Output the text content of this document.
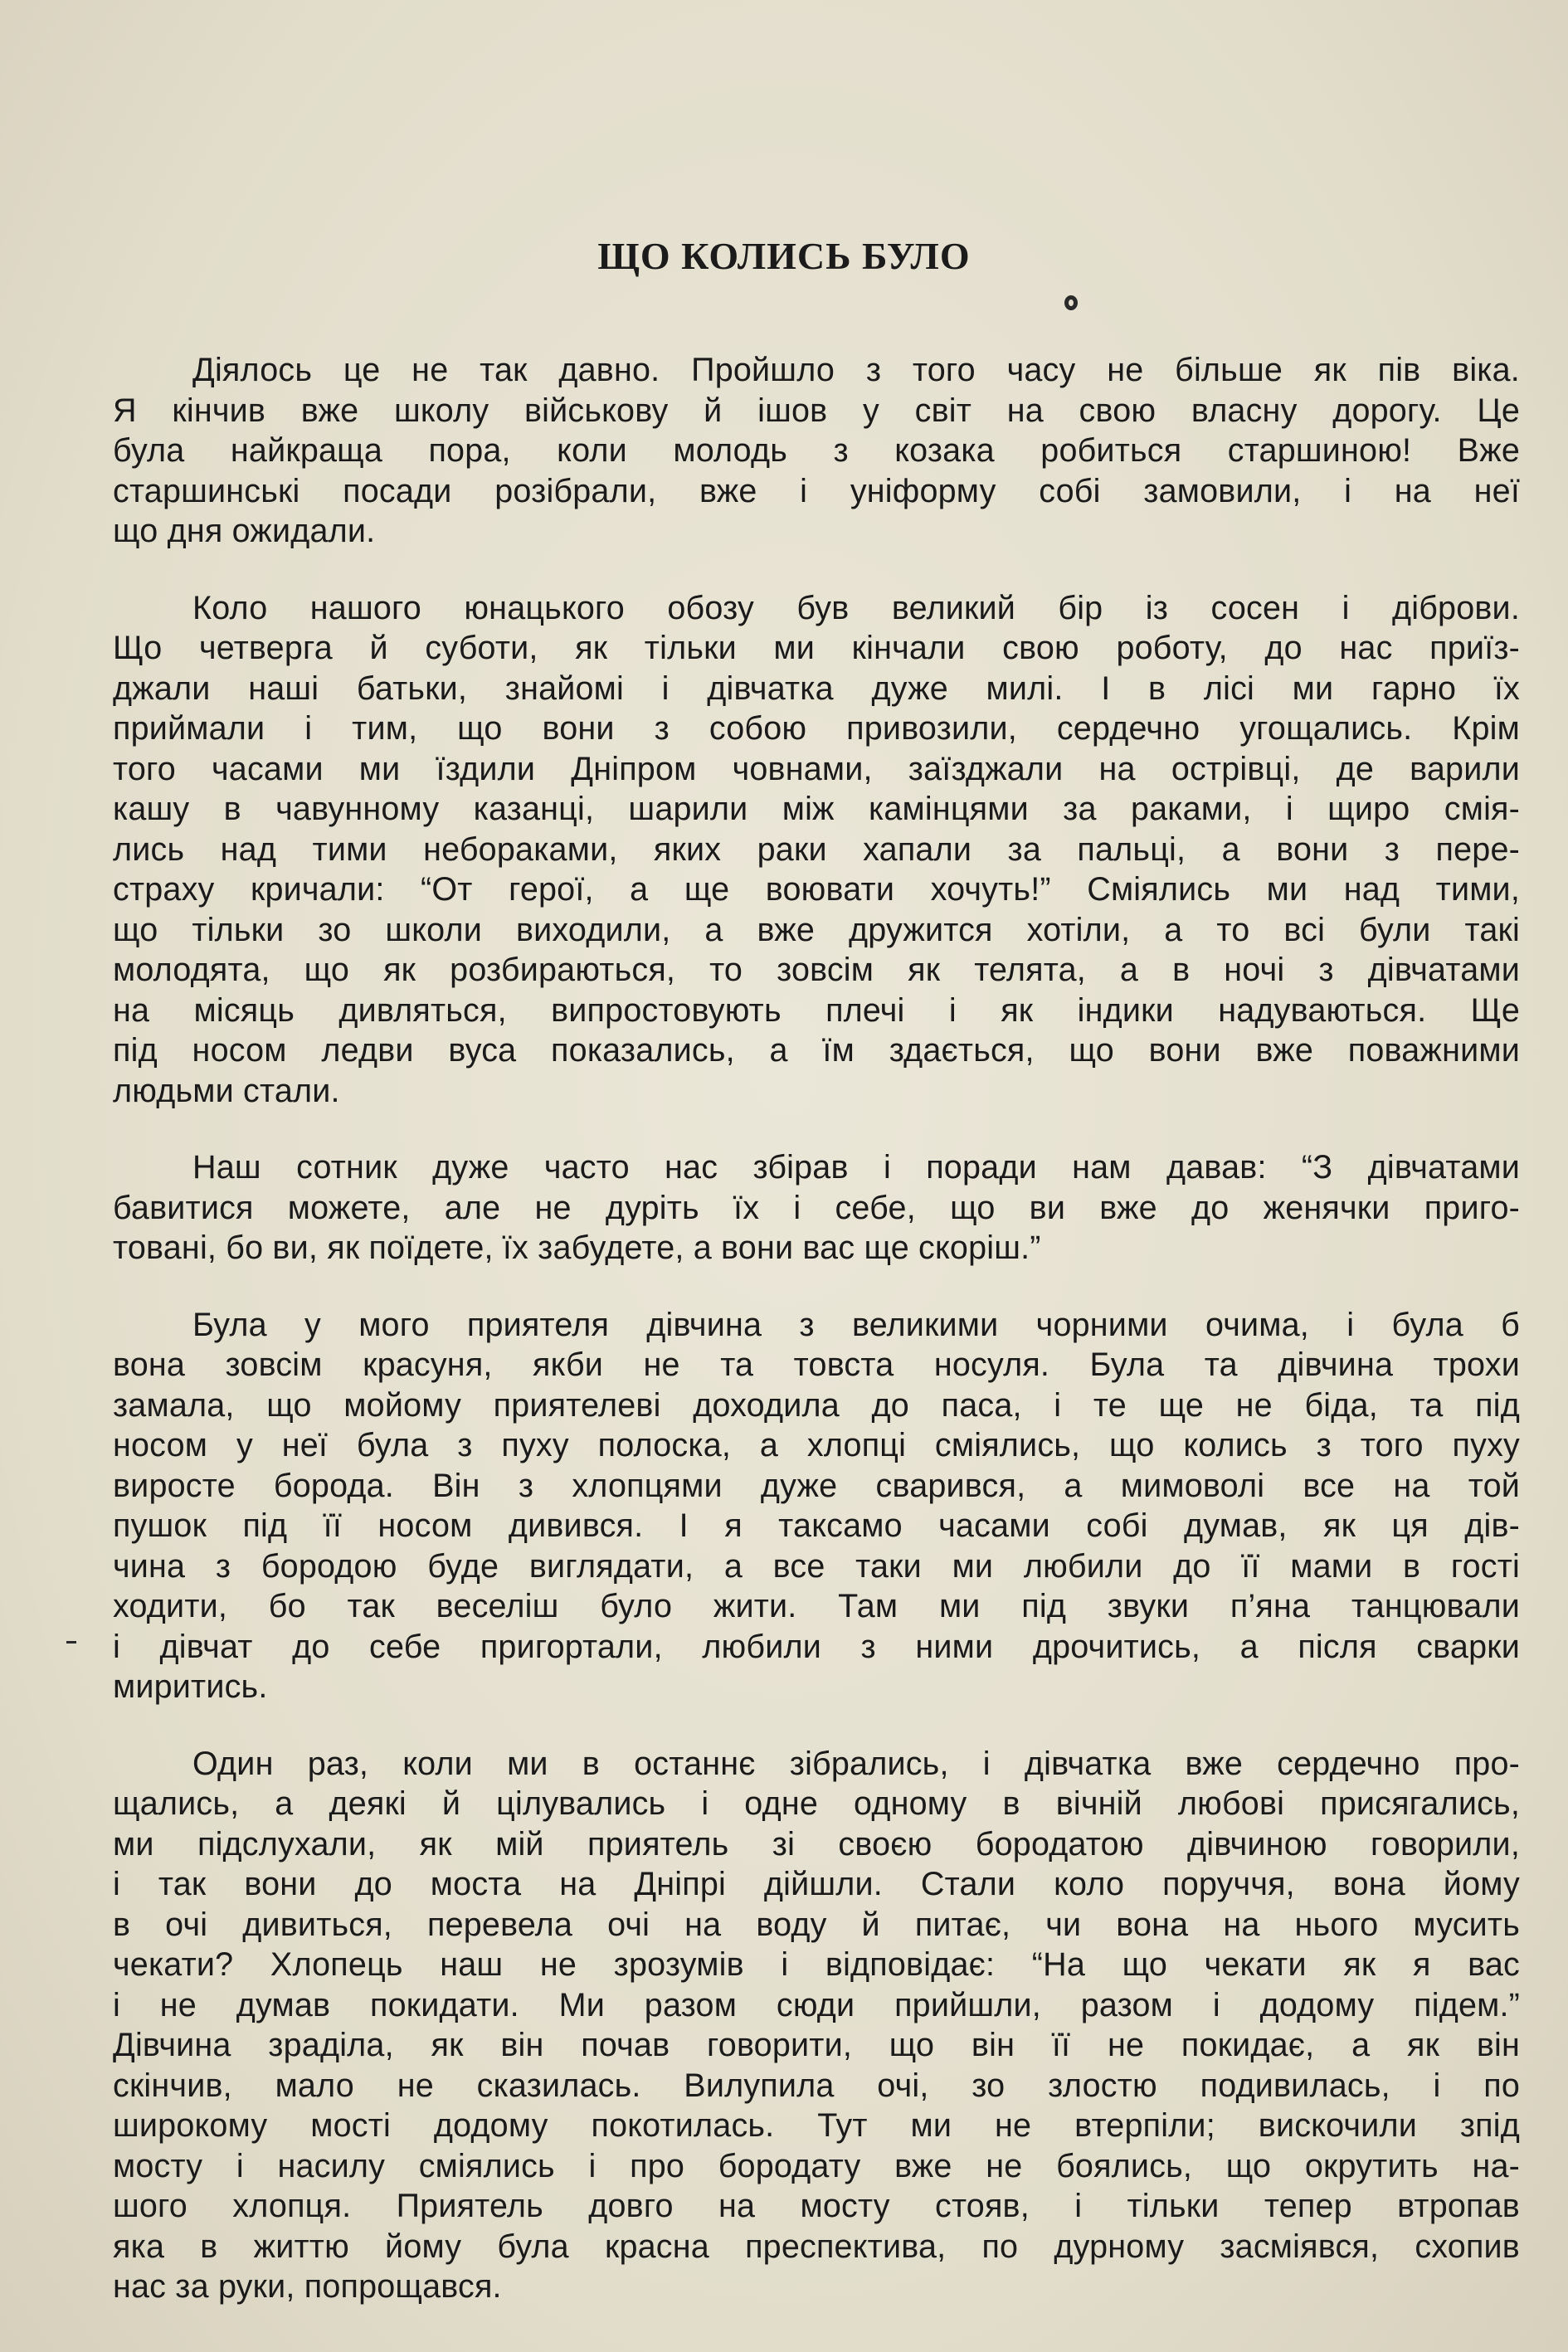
ЩО КОЛИСЬ БУЛО
Діялось це не так давно. Пройшло з того часу не більше як пів віка.
Я кінчив вже школу військову й ішов у світ на свою власну дорогу. Це
була найкраща пора, коли молодь з козака робиться старшиною! Вже
старшинські посади розібрали, вже і уніформу собі замовили, і на неї
що дня ожидали.
Коло нашого юнацького обозу був великий бір із сосен і діброви.
Що четверга й суботи, як тільки ми кінчали свою роботу, до нас приїз-
джали наші батьки, знайомі і дівчатка дуже милі. І в лісі ми гарно їх
приймали і тим, що вони з собою привозили, сердечно угощались. Крім
того часами ми їздили Дніпром човнами, заїзджали на острівці, де варили
кашу в чавунному казанці, шарили між камінцями за раками, і щиро смія-
лись над тими небораками, яких раки хапали за пальці, а вони з пере-
страху кричали: “От герої, а ще воювати хочуть!” Сміялись ми над тими,
що тільки зо школи виходили, а вже дружится хотіли, а то всі були такі
молодята, що як розбираються, то зовсім як телята, а в ночі з дівчатами
на місяць дивляться, випростовують плечі і як індики надуваються. Ще
під носом ледви вуса показались, а їм здається, що вони вже поважними
людьми стали.
Наш сотник дуже часто нас збірав і поради нам давав: “З дівчатами
бавитися можете, але не дуріть їх і себе, що ви вже до женячки приго-
товані, бо ви, як поїдете, їх забудете, а вони вас ще скоріш.”
Була у мого приятеля дівчина з великими чорними очима, і була б
вона зовсім красуня, якби не та товста носуля. Була та дівчина трохи
замала, що мойому приятелеві доходила до паса, і те ще не біда, та під
носом у неї була з пуху полоска, а хлопці сміялись, що колись з того пуху
виросте борода. Він з хлопцями дуже сварився, а мимоволі все на той
пушок під її носом дивився. І я таксамо часами собі думав, як ця дів-
чина з бородою буде виглядати, а все таки ми любили до її мами в гості
ходити, бо так веселіш було жити. Там ми під звуки п’яна танцювали
і дівчат до себе пригортали, любили з ними дрочитись, а після сварки
миритись.
Один раз, коли ми в останнє зібрались, і дівчатка вже сердечно про-
щались, а деякі й цілувались і одне одному в вічній любові присягались,
ми підслухали, як мій приятель зі своєю бородатою дівчиною говорили,
і так вони до моста на Дніпрі дійшли. Стали коло поруччя, вона йому
в очі дивиться, перевела очі на воду й питає, чи вона на нього мусить
чекати? Хлопець наш не зрозумів і відповідає: “На що чекати як я вас
і не думав покидати. Ми разом сюди прийшли, разом і додому підем.”
Дівчина зраділа, як він почав говорити, що він її не покидає, а як він
скінчив, мало не сказилась. Вилупила очі, зо злостю подивилась, і по
широкому мості додому покотилась. Тут ми не втерпіли; вискочили зпід
мосту і насилу сміялись і про бородату вже не боялись, що окрутить на-
шого хлопця. Приятель довго на мосту стояв, і тільки тепер втропав
яка в життю йому була красна преспектива, по дурному засміявся, схопив
нас за руки, попрощався.
